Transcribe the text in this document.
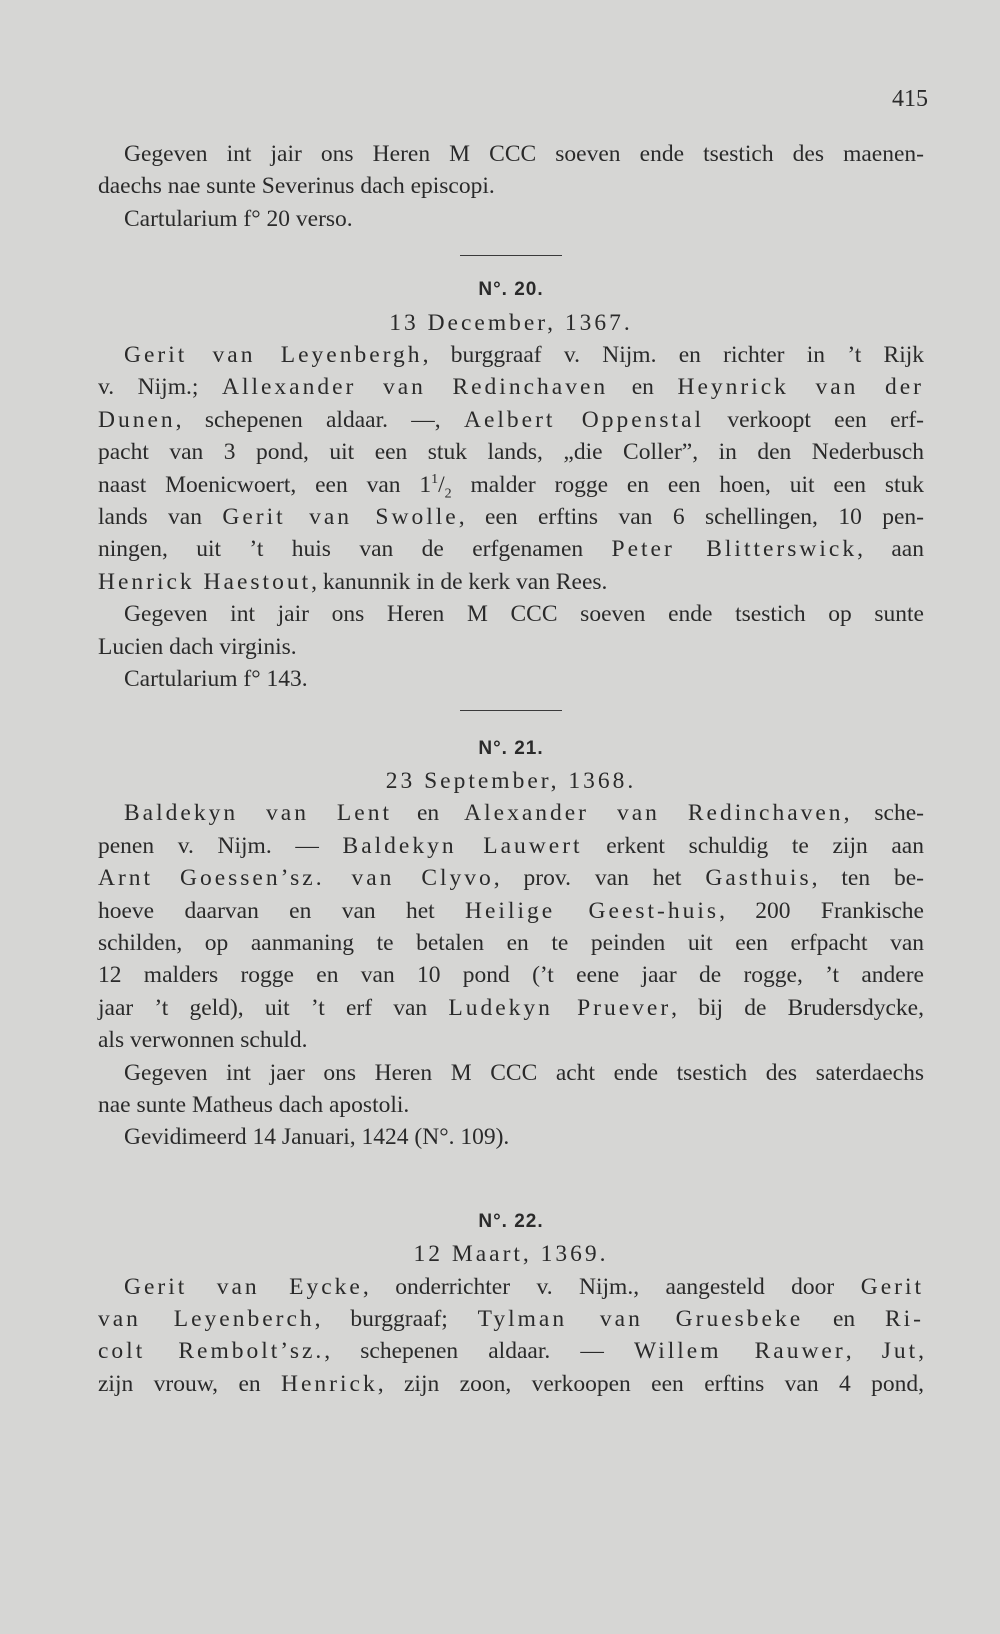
415

Gegeven int jair ons Heren M CCC soeven ende tsestich des maenen-

daechs nae sunte Severinus dach episcopi.

Cartularium f° 20 verso.

N°. 20.

13 December, 1367.

Gerit van Leyenbergh, burggraaf v. Nijm. en richter in ’t Rijk

v. Nijm.; Allexander van Redinchaven en Heynrick van der

Dunen, schepenen aldaar. —, Aelbert Oppenstal verkoopt een erf-

pacht van 3 pond, uit een stuk lands, „die Coller”, in den Nederbusch

naast Moenicwoert, een van $1^1/_2$ malder rogge en een hoen, uit een stuk

lands van Gerit van Swolle, een erftins van 6 schellingen, 10 pen-

ningen, uit ’t huis van de erfgenamen Peter Blitterswick, aan

Henrick Haestout, kanunnik in de kerk van Rees.

Gegeven int jair ons Heren M CCC soeven ende tsestich op sunte

Lucien dach virginis.

Cartularium f° 143.

N°. 21.

23 September, 1368.

Baldekyn van Lent en Alexander van Redinchaven, sche-

penen v. Nijm. — Baldekyn Lauwert erkent schuldig te zijn aan

Arnt Goessen’sz. van Clyvo, prov. van het Gasthuis, ten be-

hoeve daarvan en van het Heilige Geest-huis, 200 Frankische

schilden, op aanmaning te betalen en te peinden uit een erfpacht van

12 malders rogge en van 10 pond (’t eene jaar de rogge, ’t andere

jaar ’t geld), uit ’t erf van Ludekyn Pruever, bij de Brudersdycke,

als verwonnen schuld.

Gegeven int jaer ons Heren M CCC acht ende tsestich des saterdaechs

nae sunte Matheus dach apostoli.

Gevidimeerd 14 Januari, 1424 (N°. 109).

N°. 22.

12 Maart, 1369.

Gerit van Eycke, onderrichter v. Nijm., aangesteld door Gerit

van Leyenberch, burggraaf; Tylman van Gruesbeke en Ri-

colt Rembolt’sz., schepenen aldaar. — Willem Rauwer, Jut,

zijn vrouw, en Henrick, zijn zoon, verkoopen een erftins van 4 pond,
